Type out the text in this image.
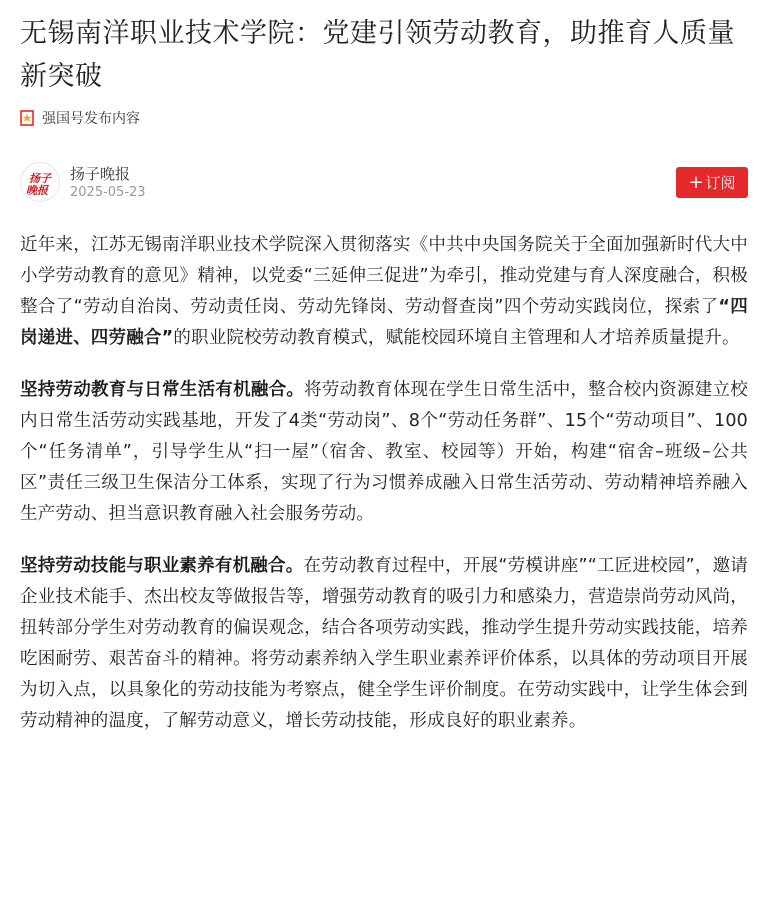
无锡南洋职业技术学院：党建引领劳动教育，助推育人质量新突破
强国号发布内容
扬子
晚报
扬子晚报
2025-05-23	+ 订阅

近年来，江苏无锡南洋职业技术学院深入贯彻落实《中共中央国务院关于全面加强新时代大中小学劳动教育的意见》精神，以党委“三延伸三促进”为牵引，推动党建与育人深度融合，积极整合了“劳动自治岗、劳动责任岗、劳动先锋岗、劳动督查岗”四个劳动实践岗位，探索了“四岗递进、四劳融合”的职业院校劳动教育模式，赋能校园环境自主管理和人才培养质量提升。

坚持劳动教育与日常生活有机融合。将劳动教育体现在学生日常生活中，整合校内资源建立校内日常生活劳动实践基地，开发了4类“劳动岗”、8个“劳动任务群”、15个“劳动项目”、100个“任务清单”，引导学生从“扫一屋”（宿舍、教室、校园等）开始，构建“宿舍–班级–公共区”责任三级卫生保洁分工体系，实现了行为习惯养成融入日常生活劳动、劳动精神培养融入生产劳动、担当意识教育融入社会服务劳动。

坚持劳动技能与职业素养有机融合。在劳动教育过程中，开展“劳模讲座”“工匠进校园”，邀请企业技术能手、杰出校友等做报告等，增强劳动教育的吸引力和感染力，营造崇尚劳动风尚，扭转部分学生对劳动教育的偏误观念，结合各项劳动实践，推动学生提升劳动实践技能，培养吃困耐劳、艰苦奋斗的精神。将劳动素养纳入学生职业素养评价体系，以具体的劳动项目开展为切入点，以具象化的劳动技能为考察点，健全学生评价制度。在劳动实践中，让学生体会到劳动精神的温度，了解劳动意义，增长劳动技能，形成良好的职业素养。
